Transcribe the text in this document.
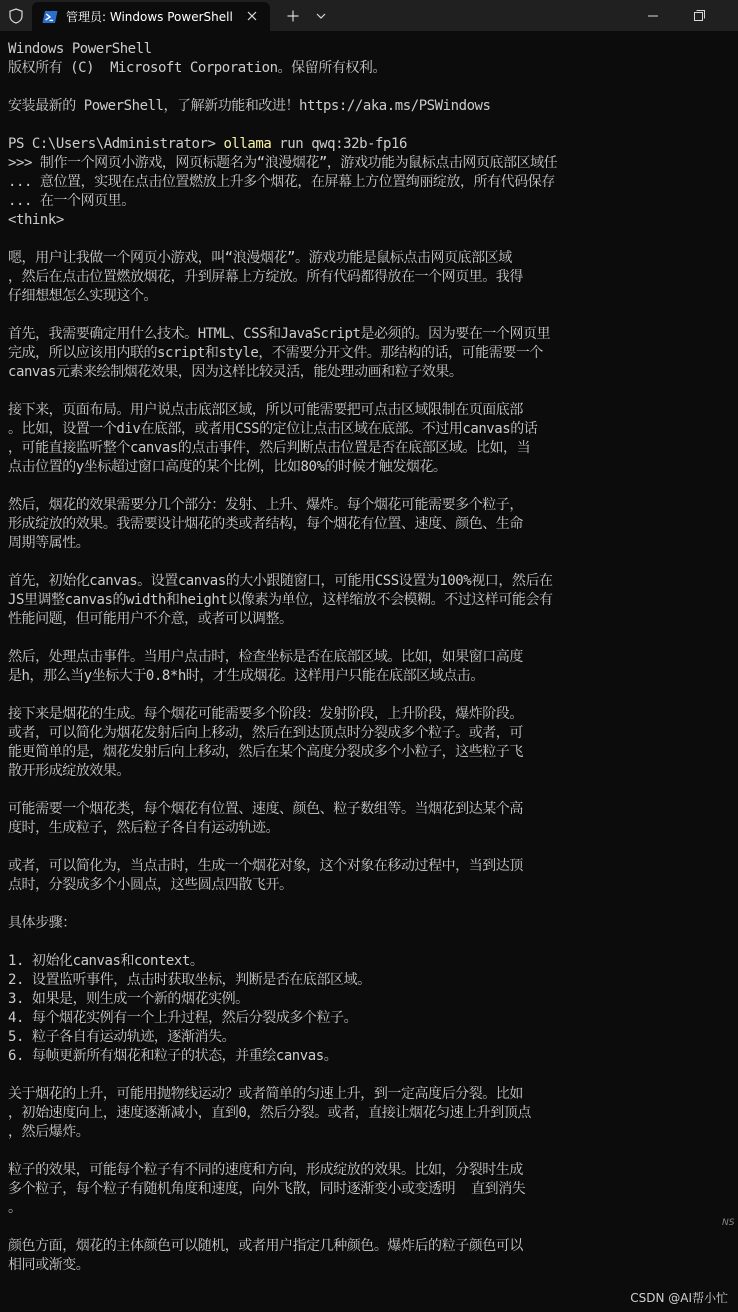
管理员: Windows PowerShell
Windows PowerShell
版权所有 (C)  Microsoft Corporation。保留所有权利。
安装最新的 PowerShell，了解新功能和改进！https://aka.ms/PSWindows
PS C:\Users\Administrator> ollama run qwq:32b-fp16
>>> 制作一个网页小游戏，网页标题名为“浪漫烟花”，游戏功能为鼠标点击网页底部区域任
... 意位置，实现在点击位置燃放上升多个烟花，在屏幕上方位置绚丽绽放，所有代码保存
... 在一个网页里。
<think>
嗯，用户让我做一个网页小游戏，叫“浪漫烟花”。游戏功能是鼠标点击网页底部区域
，然后在点击位置燃放烟花，升到屏幕上方绽放。所有代码都得放在一个网页里。我得
仔细想想怎么实现这个。
首先，我需要确定用什么技术。HTML、CSS和JavaScript是必须的。因为要在一个网页里
完成，所以应该用内联的script和style，不需要分开文件。那结构的话，可能需要一个
canvas元素来绘制烟花效果，因为这样比较灵活，能处理动画和粒子效果。
接下来，页面布局。用户说点击底部区域，所以可能需要把可点击区域限制在页面底部
。比如，设置一个div在底部，或者用CSS的定位让点击区域在底部。不过用canvas的话
，可能直接监听整个canvas的点击事件，然后判断点击位置是否在底部区域。比如，当
点击位置的y坐标超过窗口高度的某个比例，比如80%的时候才触发烟花。
然后，烟花的效果需要分几个部分：发射、上升、爆炸。每个烟花可能需要多个粒子，
形成绽放的效果。我需要设计烟花的类或者结构，每个烟花有位置、速度、颜色、生命
周期等属性。
首先，初始化canvas。设置canvas的大小跟随窗口，可能用CSS设置为100%视口，然后在
JS里调整canvas的width和height以像素为单位，这样缩放不会模糊。不过这样可能会有
性能问题，但可能用户不介意，或者可以调整。
然后，处理点击事件。当用户点击时，检查坐标是否在底部区域。比如，如果窗口高度
是h，那么当y坐标大于0.8*h时，才生成烟花。这样用户只能在底部区域点击。
接下来是烟花的生成。每个烟花可能需要多个阶段：发射阶段，上升阶段，爆炸阶段。
或者，可以简化为烟花发射后向上移动，然后在到达顶点时分裂成多个粒子。或者，可
能更简单的是，烟花发射后向上移动，然后在某个高度分裂成多个小粒子，这些粒子飞
散开形成绽放效果。
可能需要一个烟花类，每个烟花有位置、速度、颜色、粒子数组等。当烟花到达某个高
度时，生成粒子，然后粒子各自有运动轨迹。
或者，可以简化为，当点击时，生成一个烟花对象，这个对象在移动过程中，当到达顶
点时，分裂成多个小圆点，这些圆点四散飞开。
具体步骤：
1. 初始化canvas和context。
2. 设置监听事件，点击时获取坐标，判断是否在底部区域。
3. 如果是，则生成一个新的烟花实例。
4. 每个烟花实例有一个上升过程，然后分裂成多个粒子。
5. 粒子各自有运动轨迹，逐渐消失。
6. 每帧更新所有烟花和粒子的状态，并重绘canvas。
关于烟花的上升，可能用抛物线运动？或者简单的匀速上升，到一定高度后分裂。比如
，初始速度向上，速度逐渐减小，直到0，然后分裂。或者，直接让烟花匀速上升到顶点
，然后爆炸。
粒子的效果，可能每个粒子有不同的速度和方向，形成绽放的效果。比如，分裂时生成
多个粒子，每个粒子有随机角度和速度，向外飞散，同时逐渐变小或变透明  直到消失
。
颜色方面，烟花的主体颜色可以随机，或者用户指定几种颜色。爆炸后的粒子颜色可以
相同或渐变。
NS
CSDN @AI帮小忙
